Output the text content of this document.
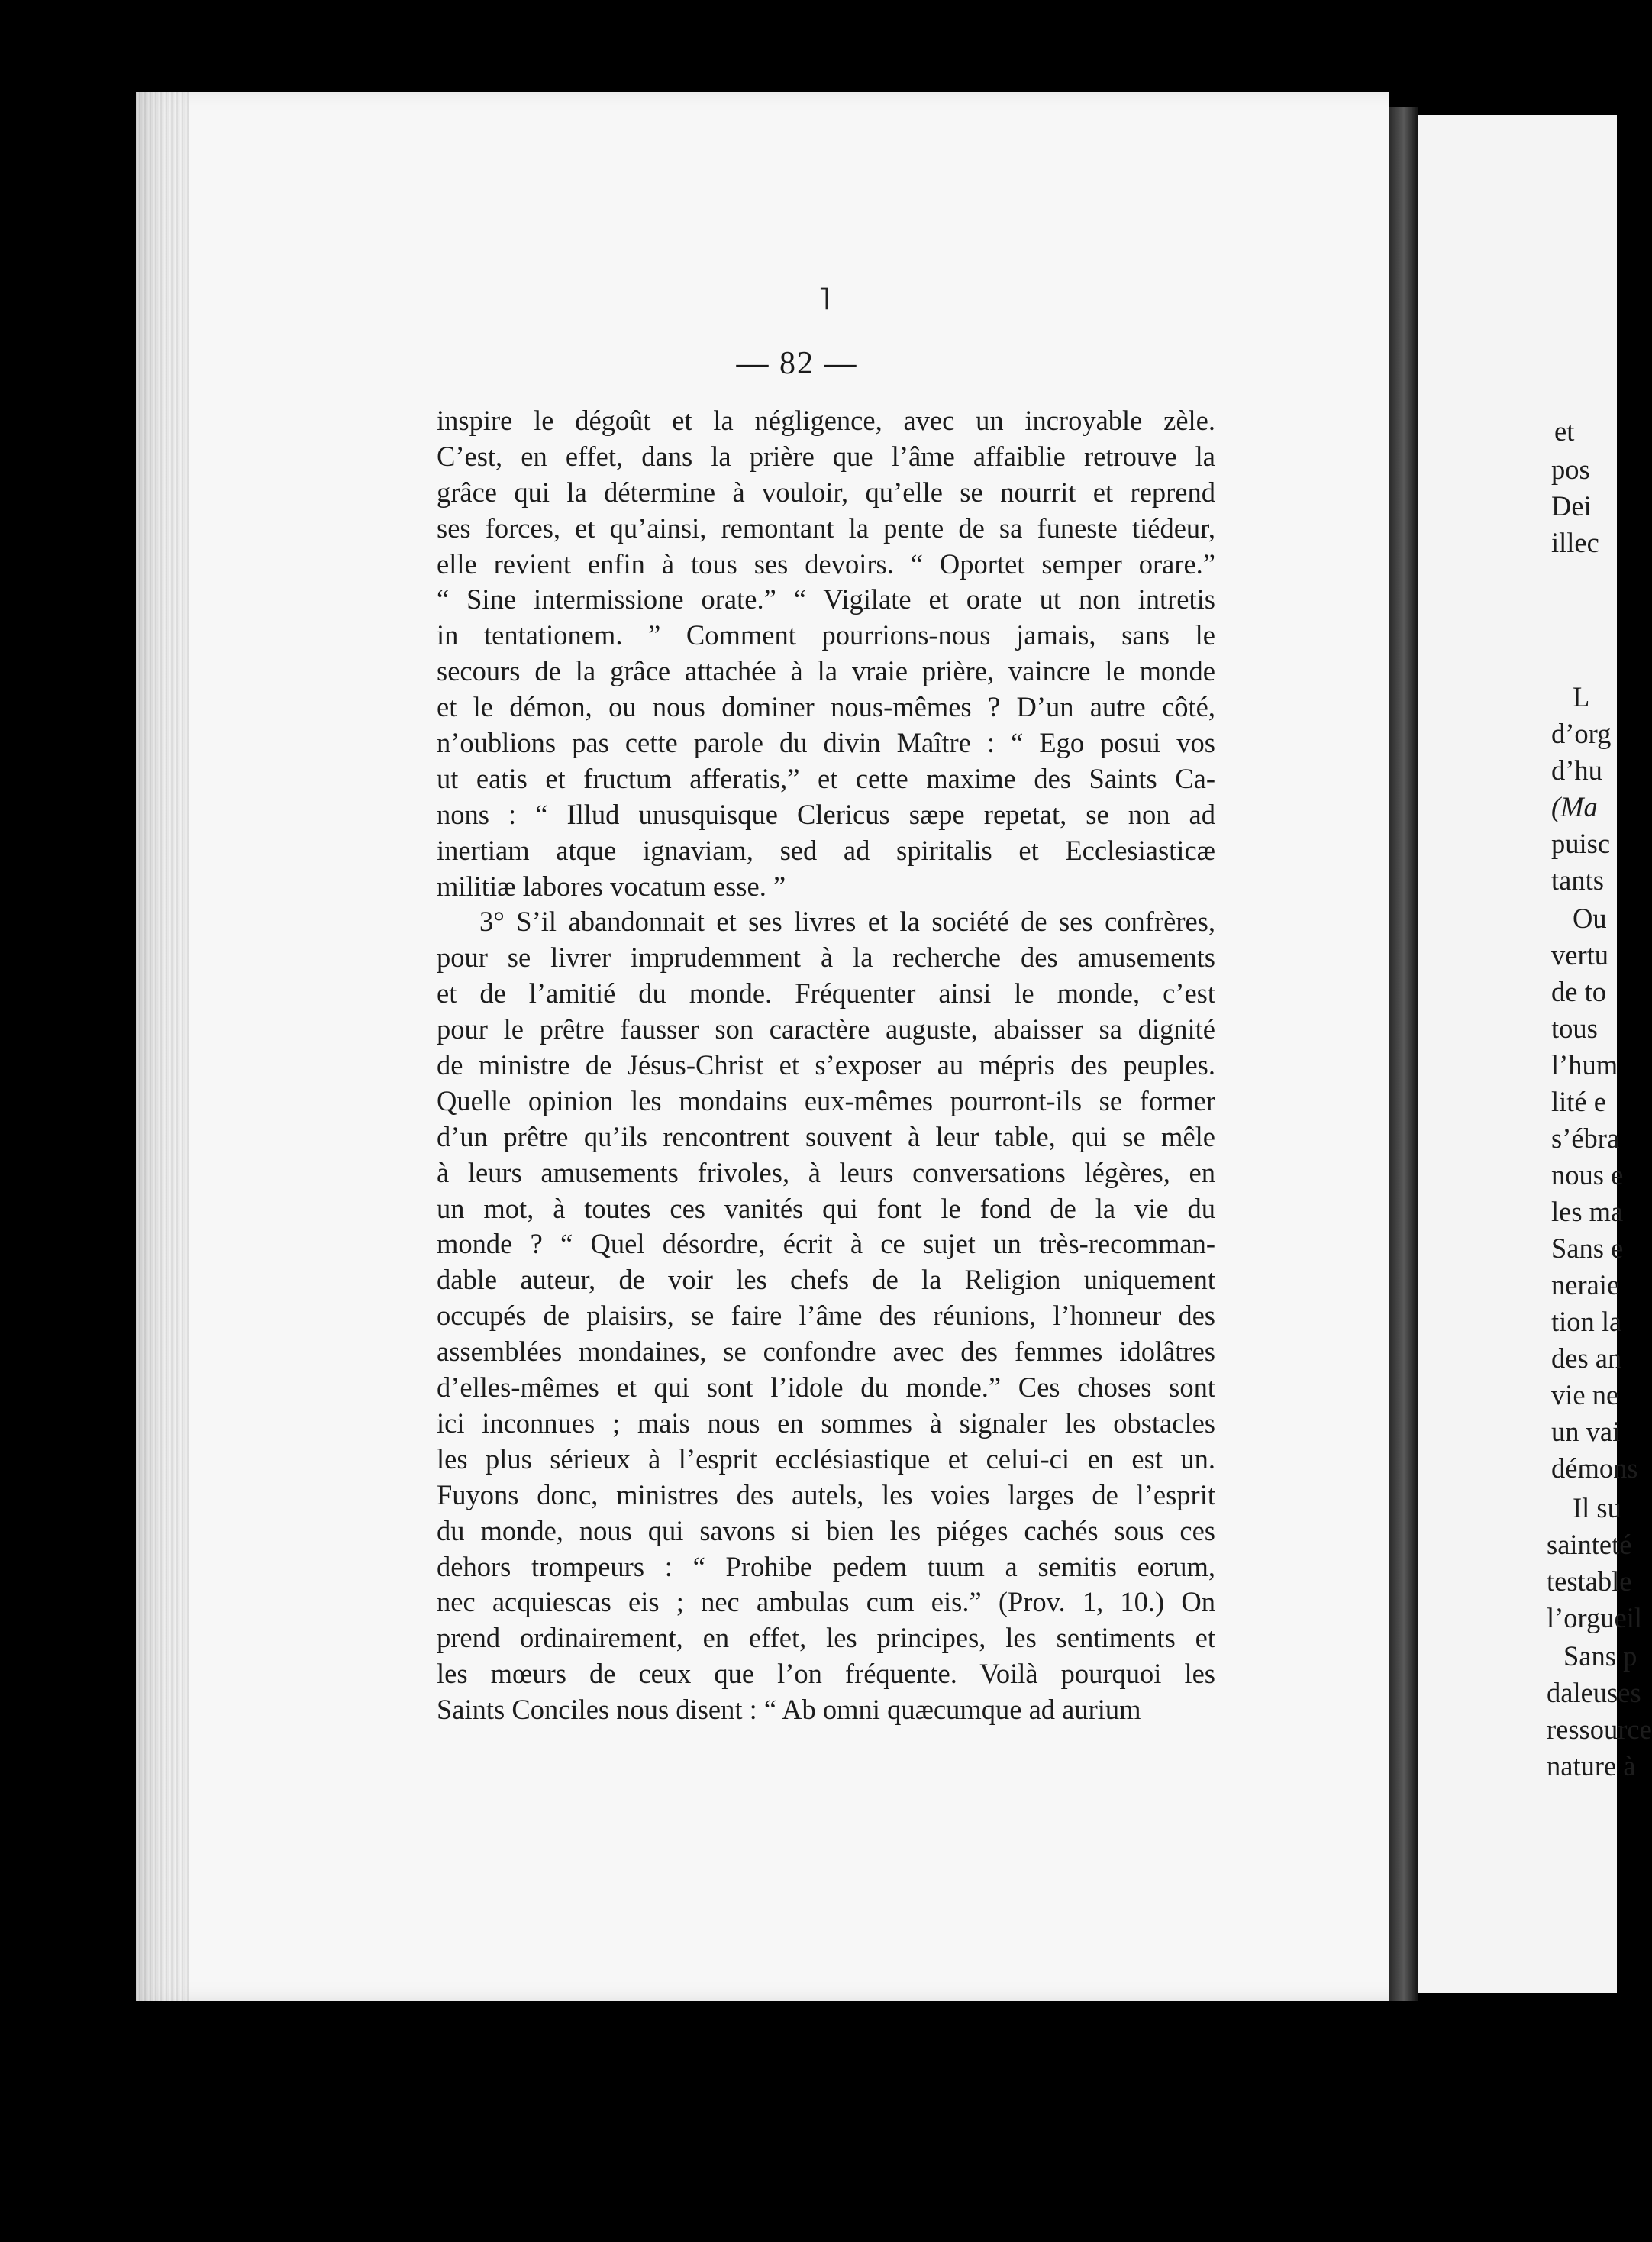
˥
— 82 —
inspire le dégoût et la négligence, avec un incroyable zèle.
C’est, en effet, dans la prière que l’âme affaiblie retrouve la
grâce qui la détermine à vouloir, qu’elle se nourrit et reprend
ses forces, et qu’ainsi, remontant la pente de sa funeste tiédeur,
elle revient enfin à tous ses devoirs. “ Oportet semper orare.”
“ Sine intermissione orate.” “ Vigilate et orate ut non intretis
in tentationem. ” Comment pourrions-nous jamais, sans le
secours de la grâce attachée à la vraie prière, vaincre le monde
et le démon, ou nous dominer nous-mêmes ? D’un autre côté,
n’oublions pas cette parole du divin Maître : “ Ego posui vos
ut eatis et fructum afferatis,” et cette maxime des Saints Ca-
nons : “ Illud unusquisque Clericus sæpe repetat, se non ad
inertiam atque ignaviam, sed ad spiritalis et Ecclesiasticæ
militiæ labores vocatum esse. ”
3° S’il abandonnait et ses livres et la société de ses confrères,
pour se livrer imprudemment à la recherche des amusements
et de l’amitié du monde. Fréquenter ainsi le monde, c’est
pour le prêtre fausser son caractère auguste, abaisser sa dignité
de ministre de Jésus-Christ et s’exposer au mépris des peuples.
Quelle opinion les mondains eux-mêmes pourront-ils se former
d’un prêtre qu’ils rencontrent souvent à leur table, qui se mêle
à leurs amusements frivoles, à leurs conversations légères, en
un mot, à toutes ces vanités qui font le fond de la vie du
monde ? “ Quel désordre, écrit à ce sujet un très-recomman-
dable auteur, de voir les chefs de la Religion uniquement
occupés de plaisirs, se faire l’âme des réunions, l’honneur des
assemblées mondaines, se confondre avec des femmes idolâtres
d’elles-mêmes et qui sont l’idole du monde.” Ces choses sont
ici inconnues ; mais nous en sommes à signaler les obstacles
les plus sérieux à l’esprit ecclésiastique et celui-ci en est un.
Fuyons donc, ministres des autels, les voies larges de l’esprit
du monde, nous qui savons si bien les piéges cachés sous ces
dehors trompeurs : “ Prohibe pedem tuum a semitis eorum,
nec acquiescas eis ; nec ambulas cum eis.” (Prov. 1, 10.) On
prend ordinairement, en effet, les principes, les sentiments et
les mœurs de ceux que l’on fréquente. Voilà pourquoi les
Saints Conciles nous disent : “ Ab omni quæcumque ad aurium
et
pos
Dei
illec
L
d’org
d’hu
(Ma
puisc
tants
Ou
vertu
de to
tous
l’hum
lité e
s’ébra
nous e
les ma
Sans e
neraie
tion la
des an
vie ne
un vai
démons
Il su
sainteté
testable
l’orgueil
Sans p
daleuses
ressource
nature à
